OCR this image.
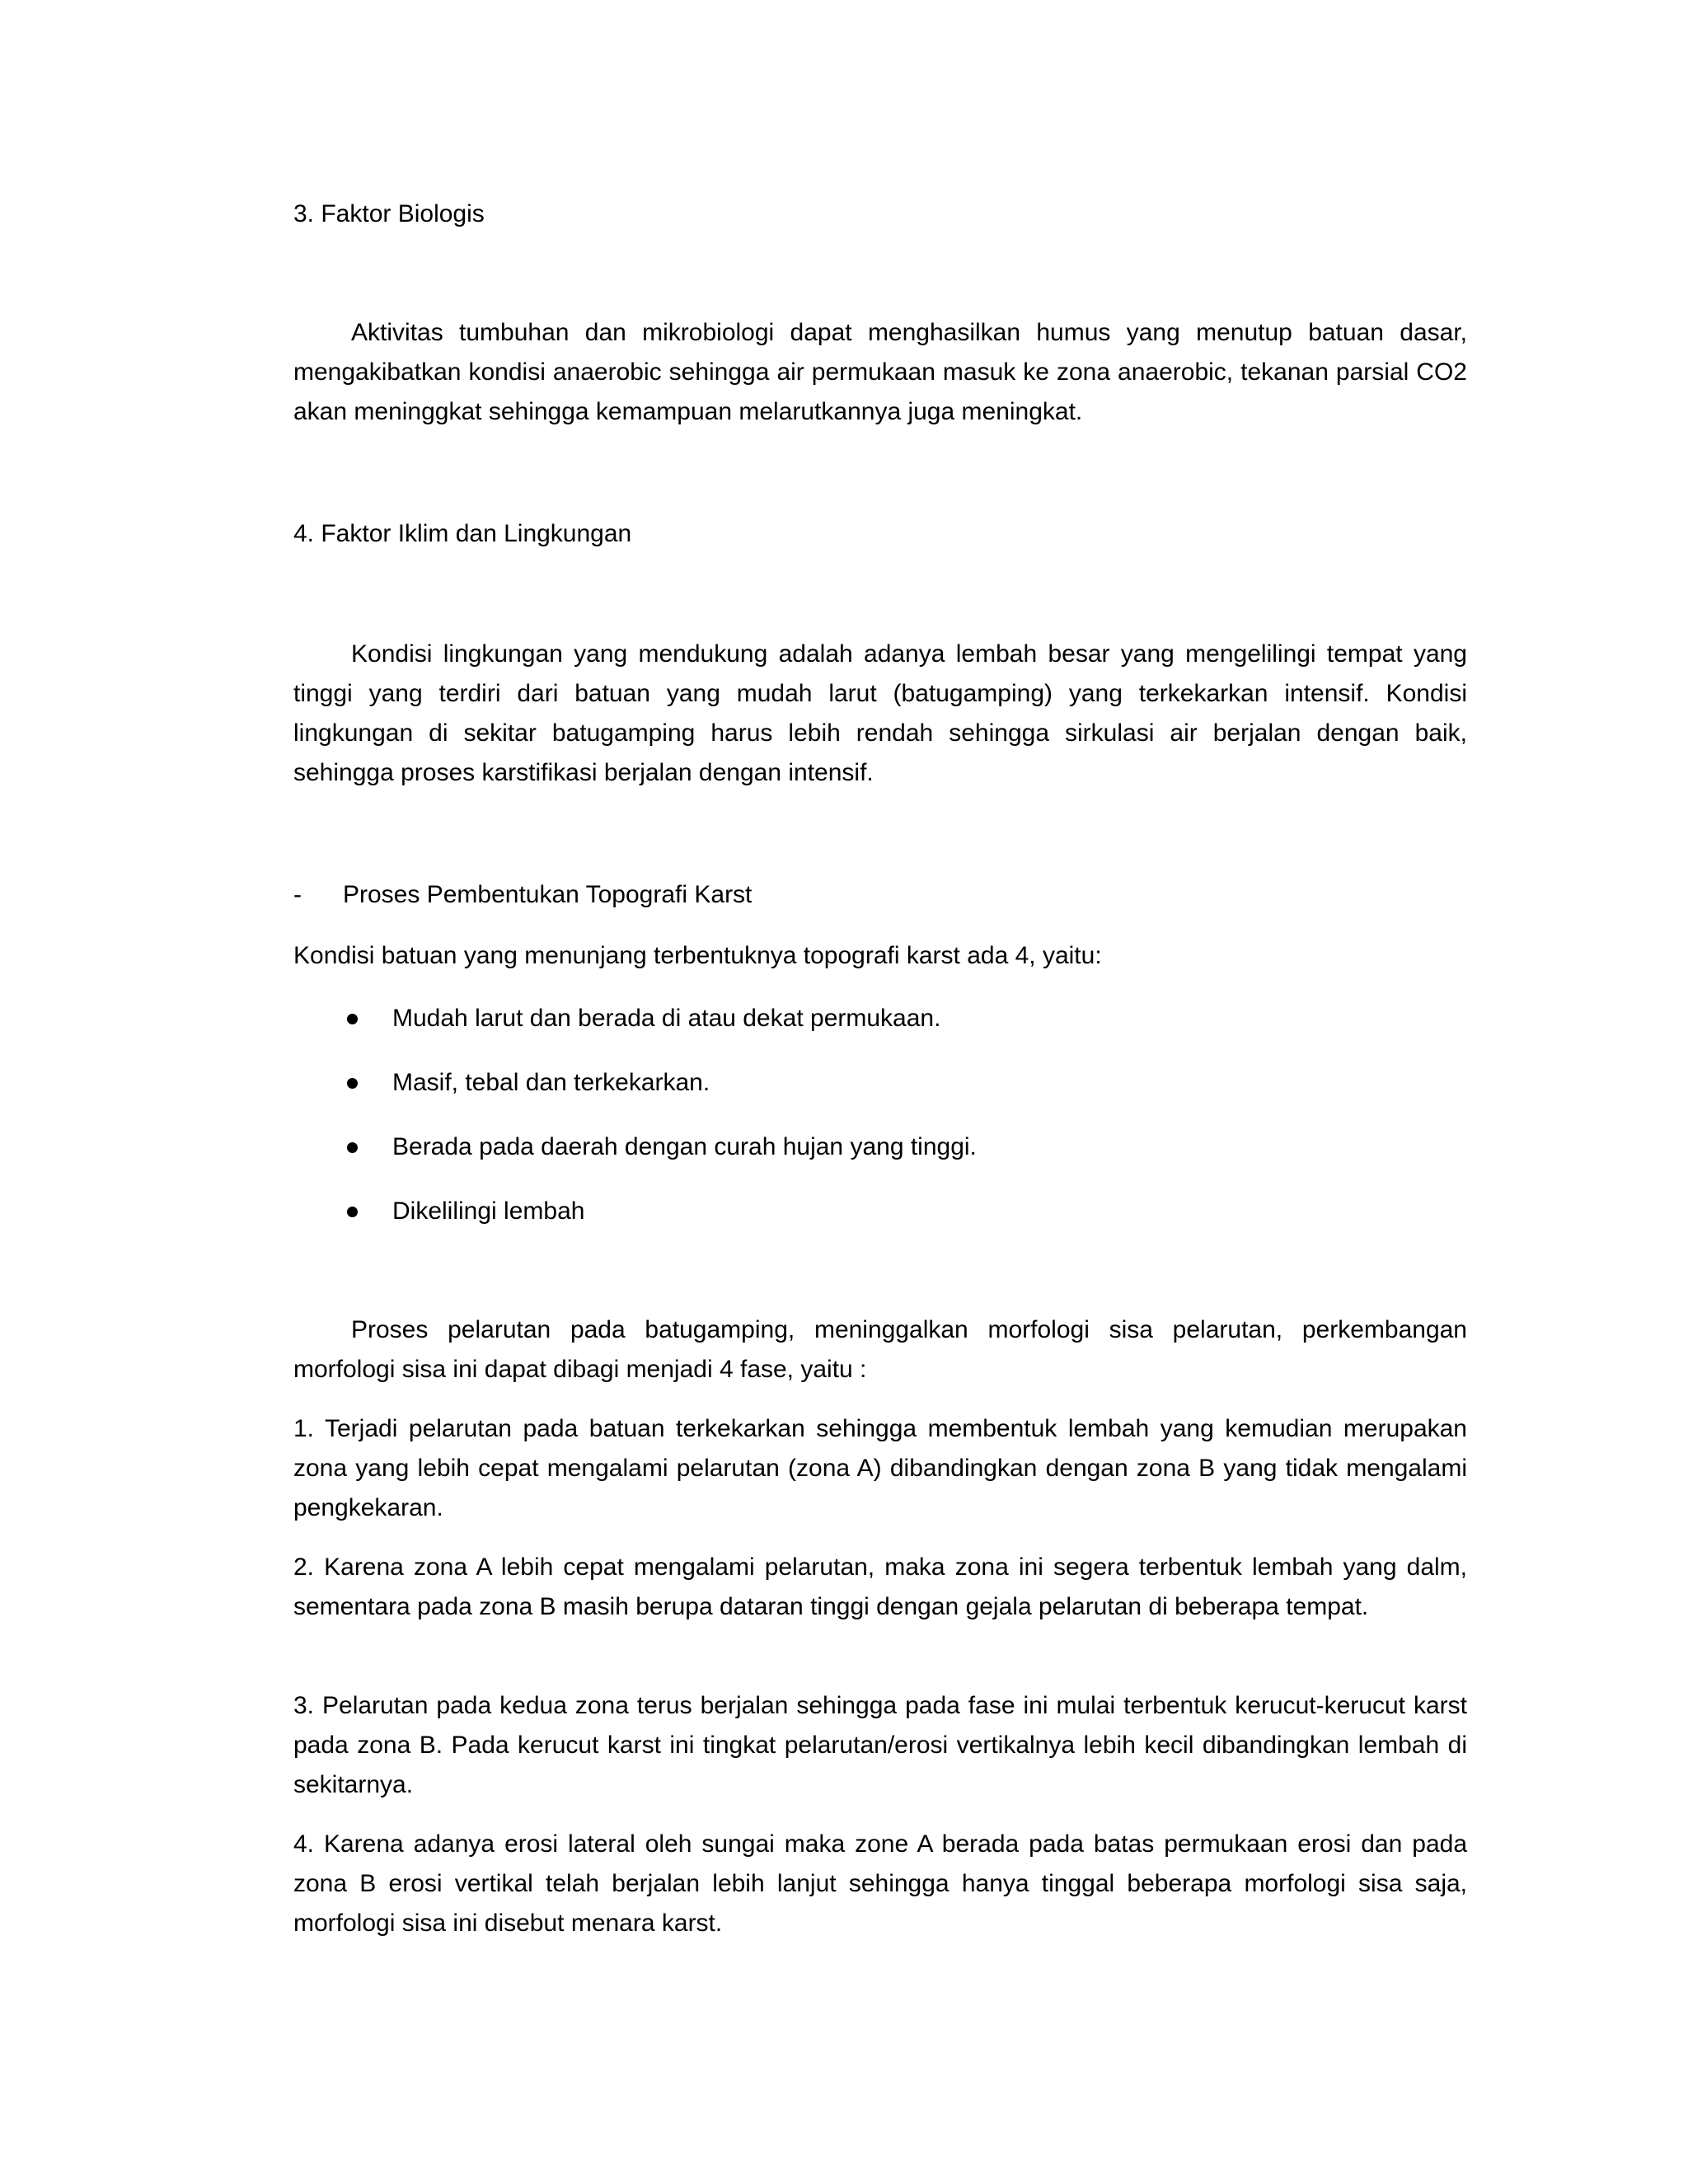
3. Faktor Biologis

Aktivitas tumbuhan dan mikrobiologi dapat menghasilkan humus yang menutup batuan dasar, mengakibatkan kondisi anaerobic sehingga air permukaan masuk ke zona anaerobic, tekanan parsial CO2 akan meninggkat sehingga kemampuan melarutkannya juga meningkat.

4. Faktor Iklim dan Lingkungan

Kondisi lingkungan yang mendukung adalah adanya lembah besar yang mengelilingi tempat yang tinggi yang terdiri dari batuan yang mudah larut (batugamping) yang terkekarkan intensif. Kondisi lingkungan di sekitar batugamping harus lebih rendah sehingga sirkulasi air berjalan dengan baik, sehingga proses karstifikasi berjalan dengan intensif.

- Proses Pembentukan Topografi Karst

Kondisi batuan yang menunjang terbentuknya topografi karst ada 4, yaitu:

Mudah larut dan berada di atau dekat permukaan.
Masif, tebal dan terkekarkan.
Berada pada daerah dengan curah hujan yang tinggi.
Dikelilingi lembah

Proses pelarutan pada batugamping, meninggalkan morfologi sisa pelarutan, perkembangan morfologi sisa ini dapat dibagi menjadi 4 fase, yaitu :

1. Terjadi pelarutan pada batuan terkekarkan sehingga membentuk lembah yang kemudian merupakan zona yang lebih cepat mengalami pelarutan (zona A) dibandingkan dengan zona B yang tidak mengalami pengkekaran.

2. Karena zona A lebih cepat mengalami pelarutan, maka zona ini segera terbentuk lembah yang dalm, sementara pada zona B masih berupa dataran tinggi dengan gejala pelarutan di beberapa tempat.

3. Pelarutan pada kedua zona terus berjalan sehingga pada fase ini mulai terbentuk kerucut-kerucut karst pada zona B. Pada kerucut karst ini tingkat pelarutan/erosi vertikalnya lebih kecil dibandingkan lembah di sekitarnya.

4. Karena adanya erosi lateral oleh sungai maka zone A berada pada batas permukaan erosi dan pada zona B erosi vertikal telah berjalan lebih lanjut sehingga hanya tinggal beberapa morfologi sisa saja, morfologi sisa ini disebut menara karst.
